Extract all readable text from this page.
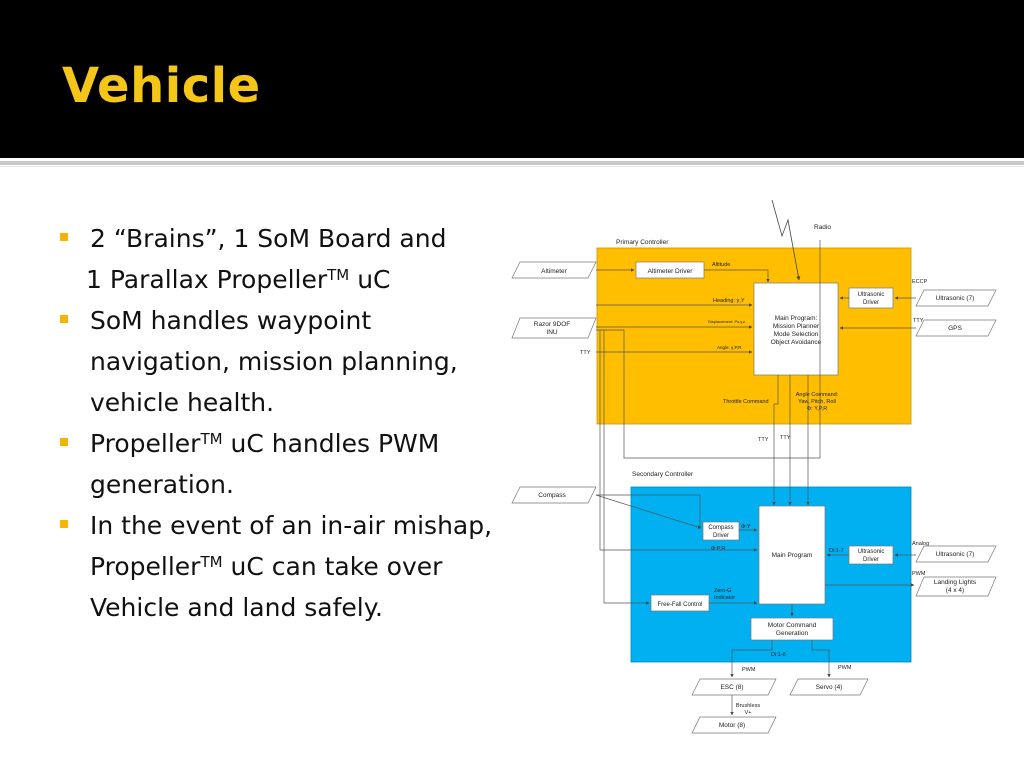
Vehicle
2 “Brains”, 1 SoM Board and
1 Parallax Propeller™ uC
SoM handles waypoint navigation, mission planning, vehicle health.
Propeller™ uC handles PWM generation.
In the event of an in-air mishap, Propeller™ uC can take over Vehicle and land safely.
Primary Controller
Secondary Controller
Radio
Altimeter
Razor 9DOF
INU
Compass
Ultrasonic (7)
GPS
Ultrasonic (7)
Landing Lights
(4 x 4)
ESC (8)	Servo (4)
Motor (8)
Altimeter Driver
Main Program:
Mission Planner
Mode Selection
Object Avoidance
Ultrasonic
Driver
Altitude
Heading: γ,Y
Displacement: Px,y,z
Angle: γ,P,R
Throttle Command
Angle Command:
Yaw, Pitch, Roll
Φ: Y,P,R
Compass
Driver
Main Program	Ultrasonic
Driver
Free-Fall Control
Motor Command
Generation
Φ:Y
Φ:P,R	Di:1-7
Zero-G
Indicator
Di:1-8
TTY
TTY TTY
TTY
ECCP
Analog
PWM
PWM	PWM
Brushless
V+
